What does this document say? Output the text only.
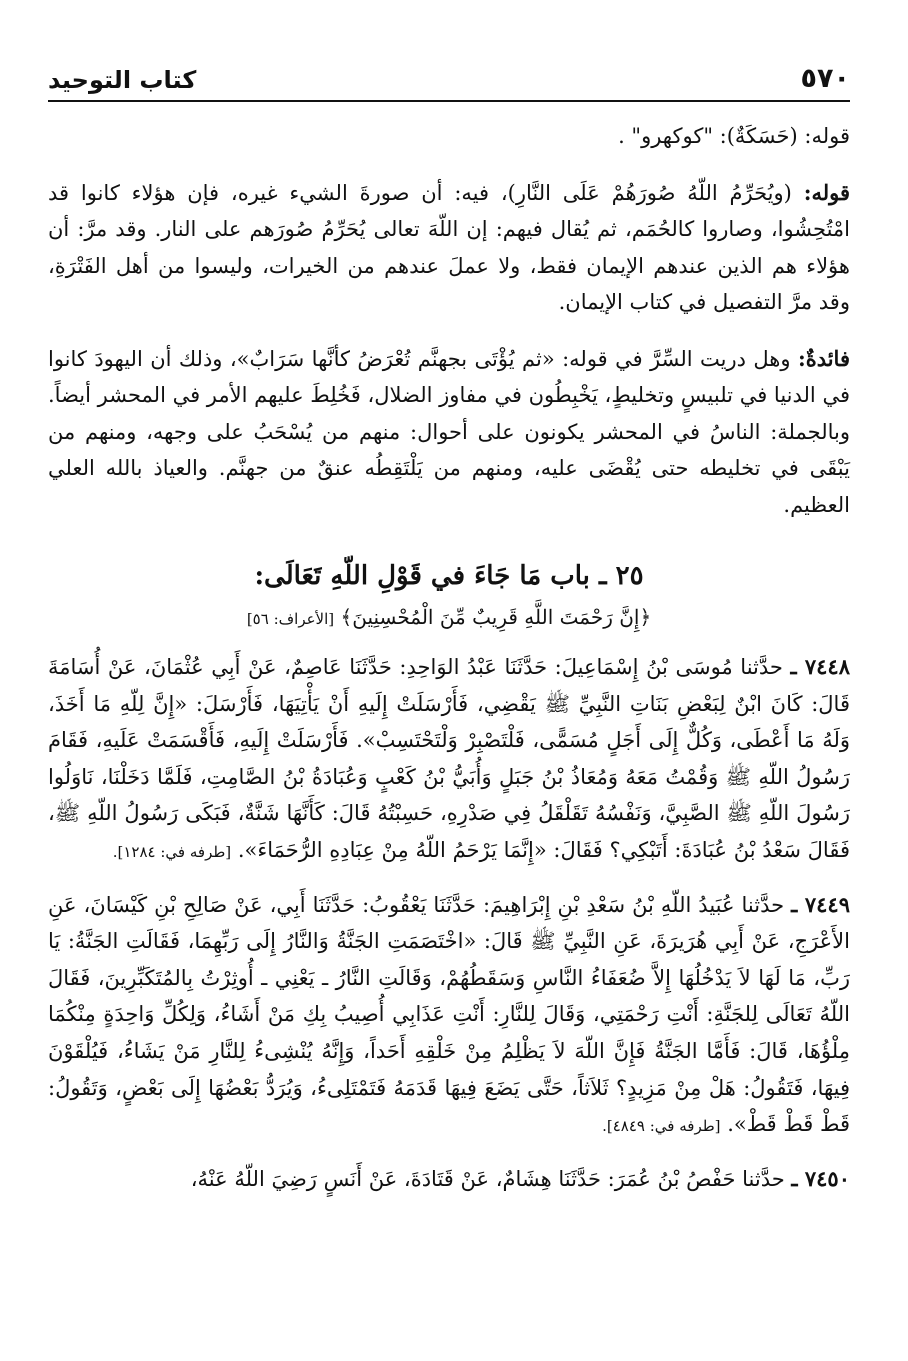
٥٧٠
كتاب التوحيد

قوله: (حَسَكَةٌ): "كوكهرو" .

قوله: (ويُحَرِّمُ اللّهُ صُورَهُمْ عَلَى النَّارِ)، فيه: أن صورةَ الشيء غيره، فإن هؤلاء كانوا قد امْتُحِشُوا، وصاروا كالحُمَم، ثم يُقال فيهم: إن اللّهَ تعالى يُحَرِّمُ صُورَهم على النار. وقد مرَّ: أن هؤلاء هم الذين عندهم الإيمان فقط، ولا عملَ عندهم من الخيرات، وليسوا من أهل الفَتْرَةِ، وقد مرَّ التفصيل في كتاب الإيمان.

فائدةٌ: وهل دريت السِّرَّ في قوله: «ثم يُؤْتَى بجهنَّم تُعْرَضُ كأنَّها سَرَابٌ»، وذلك أن اليهودَ كانوا في الدنيا في تلبيسٍ وتخليطٍ، يَخْبِطُون في مفاوز الضلال، فَخُلِطَ عليهم الأمر في المحشر أيضاً. وبالجملة: الناسُ في المحشر يكونون على أحوال: منهم من يُسْحَبُ على وجهه، ومنهم من يَبْقَى في تخليطه حتى يُقْضَى عليه، ومنهم من يَلْتَقِطُه عنقٌ من جهنَّم. والعياذ بالله العلي العظيم.

٢٥ ـ باب مَا جَاءَ في قَوْلِ اللّهِ تَعَالَى:
﴿إِنَّ رَحْمَتَ اللَّهِ قَرِيبٌ مِّنَ الْمُحْسِنِينَ﴾ [الأعراف: ٥٦]

٧٤٤٨ ـ حدَّثنا مُوسَى بْنُ إِسْمَاعِيلَ: حَدَّثَنَا عَبْدُ الوَاحِدِ: حَدَّثَنَا عَاصِمٌ، عَنْ أَبِي عُثْمَانَ، عَنْ أُسَامَةَ قَالَ: كَانَ ابْنٌ لِبَعْضِ بَنَاتِ النَّبِيِّ ﷺ يَقْضِي، فَأَرْسَلَتْ إِلَيهِ أَنْ يَأْتِيَهَا، فَأَرْسَلَ: «إِنَّ لِلّهِ مَا أَخَذَ، وَلَهُ مَا أَعْطَى، وَكُلٌّ إِلَى أَجَلٍ مُسَمًّى، فَلْتَصْبِرْ وَلْتَحْتَسِبْ». فَأَرْسَلَتْ إِلَيهِ، فَأَقْسَمَتْ عَلَيهِ، فَقَامَ رَسُولُ اللّهِ ﷺ وَقُمْتُ مَعَهُ وَمُعَاذُ بْنُ جَبَلٍ وَأُبَيُّ بْنُ كَعْبٍ وَعُبَادَةُ بْنُ الصَّامِتِ، فَلَمَّا دَخَلْنَا، نَاوَلُوا رَسُولَ اللّهِ ﷺ الصَّبِيَّ، وَنَفْسُهُ تَقَلْقَلُ فِي صَدْرِهِ، حَسِبْتُهُ قَالَ: كَأَنَّهَا شَنَّةٌ، فَبَكَى رَسُولُ اللّهِ ﷺ، فَقَالَ سَعْدُ بْنُ عُبَادَةَ: أَتَبْكِي؟ فَقَالَ: «إِنَّمَا يَرْحَمُ اللّهُ مِنْ عِبَادِهِ الرُّحَمَاءَ». [طرفه في: ١٢٨٤].

٧٤٤٩ ـ حدَّثنا عُبَيدُ اللّهِ بْنُ سَعْدِ بْنِ إِبْرَاهِيمَ: حَدَّثَنَا يَعْقُوبُ: حَدَّثَنَا أَبِي، عَنْ صَالِحِ بْنِ كَيْسَانَ، عَنِ الأَعْرَجِ، عَنْ أَبِي هُرَيرَةَ، عَنِ النَّبِيِّ ﷺ قَالَ: «اخْتَصَمَتِ الجَنَّةُ وَالنَّارُ إِلَى رَبِّهِمَا، فَقَالَتِ الجَنَّةُ: يَا رَبِّ، مَا لَهَا لاَ يَدْخُلُهَا إِلاَّ ضُعَفَاءُ النَّاسِ وَسَقَطُهُمْ، وَقَالَتِ النَّارُ ـ يَعْنِي ـ أُوثِرْتُ بِالمُتَكَبِّرِينَ، فَقَالَ اللّهُ تَعَالَى لِلجَنَّةِ: أَنْتِ رَحْمَتِي، وَقَالَ لِلنَّارِ: أَنْتِ عَذَابِي أُصِيبُ بِكِ مَنْ أَشَاءُ، وَلِكُلِّ وَاحِدَةٍ مِنْكُمَا مِلْؤُهَا، قَالَ: فَأَمَّا الجَنَّةُ فَإِنَّ اللّهَ لاَ يَظْلِمُ مِنْ خَلْقِهِ أَحَداً، وَإِنَّهُ يُنْشِىءُ لِلنَّارِ مَنْ يَشَاءُ، فَيُلْقَوْنَ فِيهَا، فَتَقُولُ: هَلْ مِنْ مَزِيدٍ؟ ثَلاَثاً، حَتَّى يَضَعَ فِيهَا قَدَمَهُ فَتَمْتَلِىءُ، وَيُرَدُّ بَعْضُهَا إِلَى بَعْضٍ، وَتَقُولُ: قَطْ قَطْ قَطْ». [طرفه في: ٤٨٤٩].

٧٤٥٠ ـ حدَّثنا حَفْصُ بْنُ عُمَرَ: حَدَّثَنَا هِشَامٌ، عَنْ قَتَادَةَ، عَنْ أَنَسٍ رَضِيَ اللّهُ عَنْهُ،
